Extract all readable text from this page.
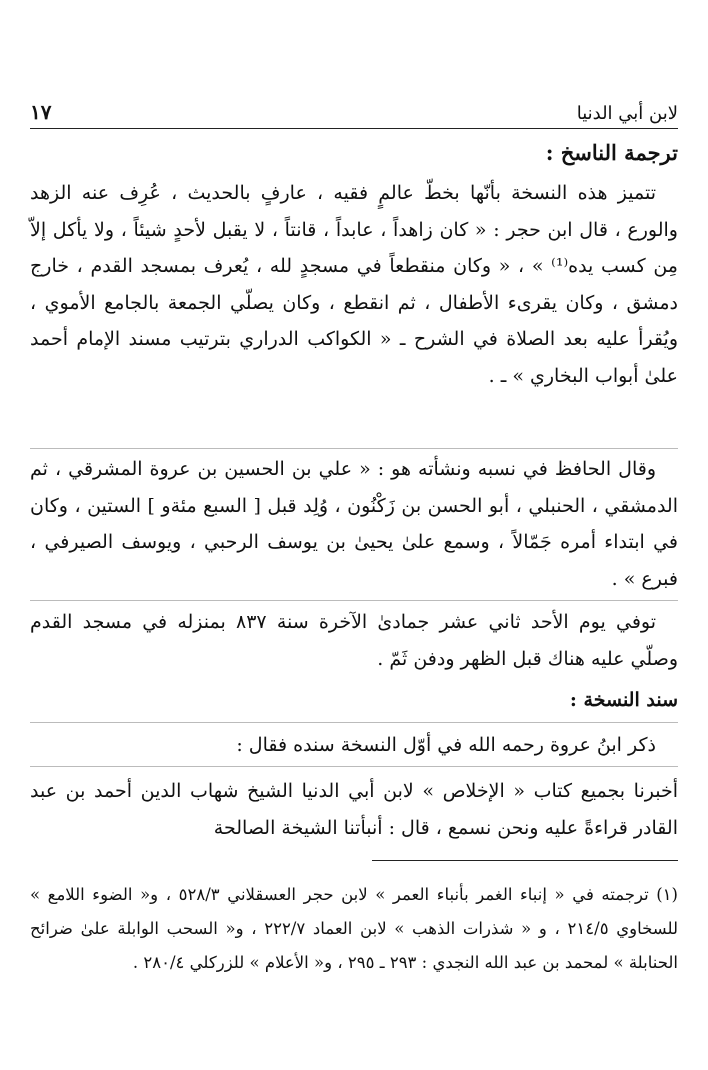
لابن أبي الدنيا
١٧
ترجمة الناسخ :

تتميز هذه النسخة بأنّها بخطّ عالمٍ فقيه ، عارفٍ بالحديث ، عُرِف عنه الزهد والورع ، قال ابن حجر : « كان زاهداً ، عابداً ، قانتاً ، لا يقبل لأحدٍ شيئاً ، ولا يأكل إلاّ مِن كسب يده⁽¹⁾ » ، « وكان منقطعاً في مسجدٍ لله ، يُعرف بمسجد القدم ، خارج دمشق ، وكان يقرىء الأطفال ، ثم انقطع ، وكان يصلّي الجمعة بالجامع الأموي ، ويُقرأ عليه بعد الصلاة في الشرح ـ « الكواكب الدراري بترتيب مسند الإمام أحمد علىٰ أبواب البخاري » ـ .

وقال الحافظ في نسبه ونشأته هو : « علي بن الحسين بن عروة المشرقي ، ثم الدمشقي ، الحنبلي ، أبو الحسن بن زَكْنُون ، وُلِد قبل [ السبع مئةو ] الستين ، وكان في ابتداء أمره جَمّالاً ، وسمع علىٰ يحيىٰ بن يوسف الرحبي ، ويوسف الصيرفي ، فبرع » .

توفي يوم الأحد ثاني عشر جمادىٰ الآخرة سنة ٨٣٧ بمنزله في مسجد القدم وصلّي عليه هناك قبل الظهر ودفن ثَمّ .

سند النسخة :

ذكر ابنُ عروة رحمه الله في أوّل النسخة سنده فقال :

أخبرنا بجميع كتاب « الإخلاص » لابن أبي الدنيا الشيخ شهاب الدين أحمد بن عبد القادر قراءةً عليه ونحن نسمع ، قال : أنبأتنا الشيخة الصالحة

(١) ترجمته في « إنباء الغمر بأنباء العمر » لابن حجر العسقلاني ٥٢٨/٣ ، و« الضوء اللامع » للسخاوي ٢١٤/٥ ، و « شذرات الذهب » لابن العماد ٢٢٢/٧ ، و« السحب الوابلة علىٰ ضرائح الحنابلة » لمحمد بن عبد الله النجدي : ٢٩٣ ـ ٢٩٥ ، و« الأعلام » للزركلي ٢٨٠/٤ .
